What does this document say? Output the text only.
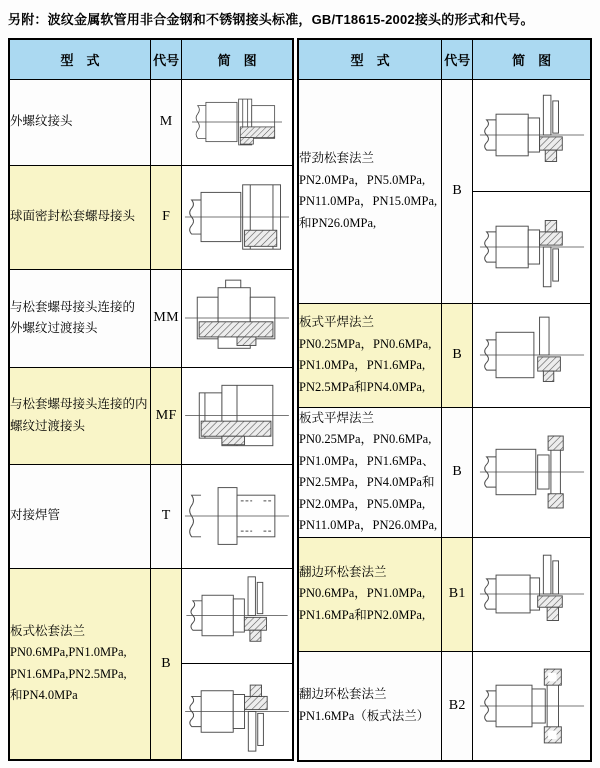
另附：波纹金属软管用非合金钢和不锈钢接头标准，GB/T18615-2002接头的形式和代号。
型　式	代号	简　图

外螺纹接头	M	

球面密封松套螺母接头	F	

与松套螺母接头连接的
外螺纹过渡接头	MM	

与松套螺母接头连接的内
螺纹过渡接头	MF	

对接焊管	T	

板式松套法兰
PN0.6MPa,PN1.0MPa,
PN1.6MPa,PN2.5MPa,
和PN4.0MPa	B	

型　式	代号	简　图

带劲松套法兰
PN2.0MPa，PN5.0MPa,
PN11.0MPa，PN15.0MPa,
和PN26.0MPa,	B	

板式平焊法兰
PN0.25MPa，PN0.6MPa,
PN1.0MPa，PN1.6MPa,
PN2.5MPa和PN4.0MPa,	B	

板式平焊法兰
PN0.25MPa，PN0.6MPa,
PN1.0MPa，PN1.6MPa、
PN2.5MPa，PN4.0MPa和
PN2.0MPa，PN5.0MPa,
PN11.0MPa，PN26.0MPa,
	B	

翻边环松套法兰
PN0.6MPa，PN1.0MPa,
PN1.6MPa和PN2.0MPa,	B1	

翻边环松套法兰
PN1.6MPa（板式法兰）	B2	
